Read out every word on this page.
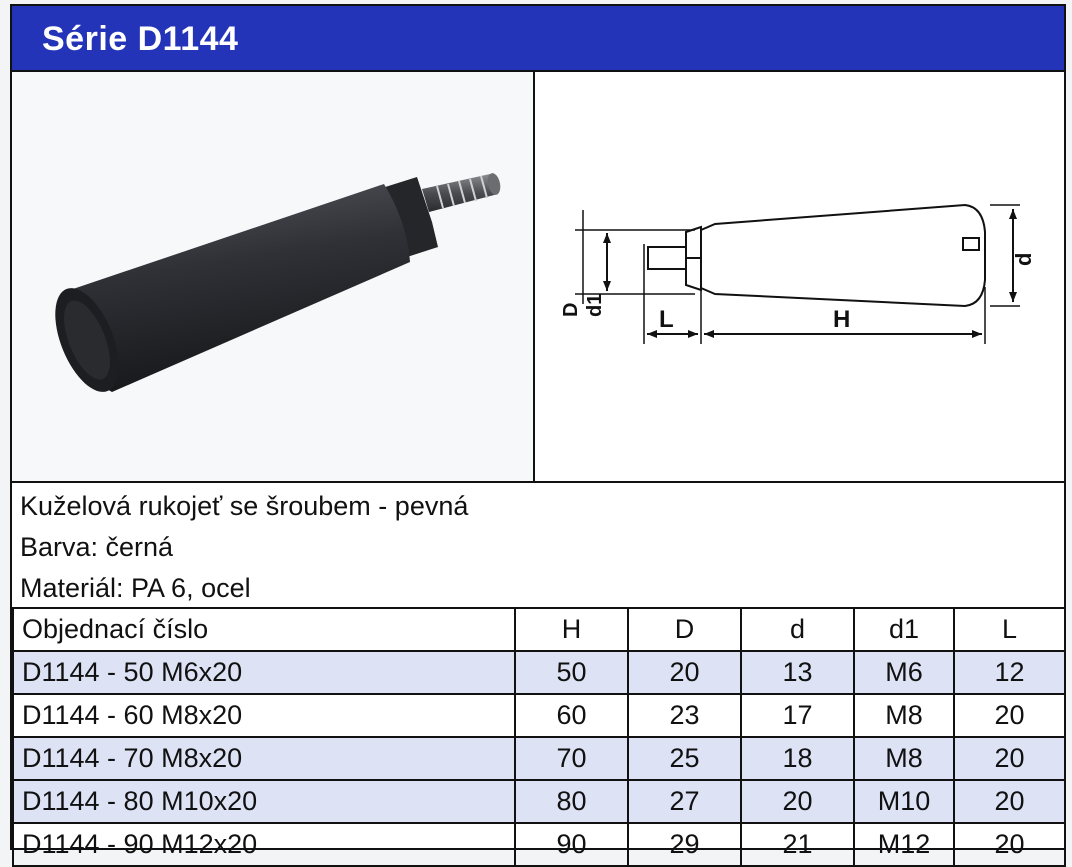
Série D1144
L	H
d
d1
D
Kuželová rukojeť se šroubem - pevná
Barva: černá
Materiál: PA 6, ocel
Objednací číslo	H	D	d	d1	L
D1144 - 50 M6x20	50	20	13	M6	12
D1144 - 60 M8x20	60	23	17	M8	20
D1144 - 70 M8x20	70	25	18	M8	20
D1144 - 80 M10x20	80	27	20	M10	20
D1144 - 90 M12x20	90	29	21	M12	20
